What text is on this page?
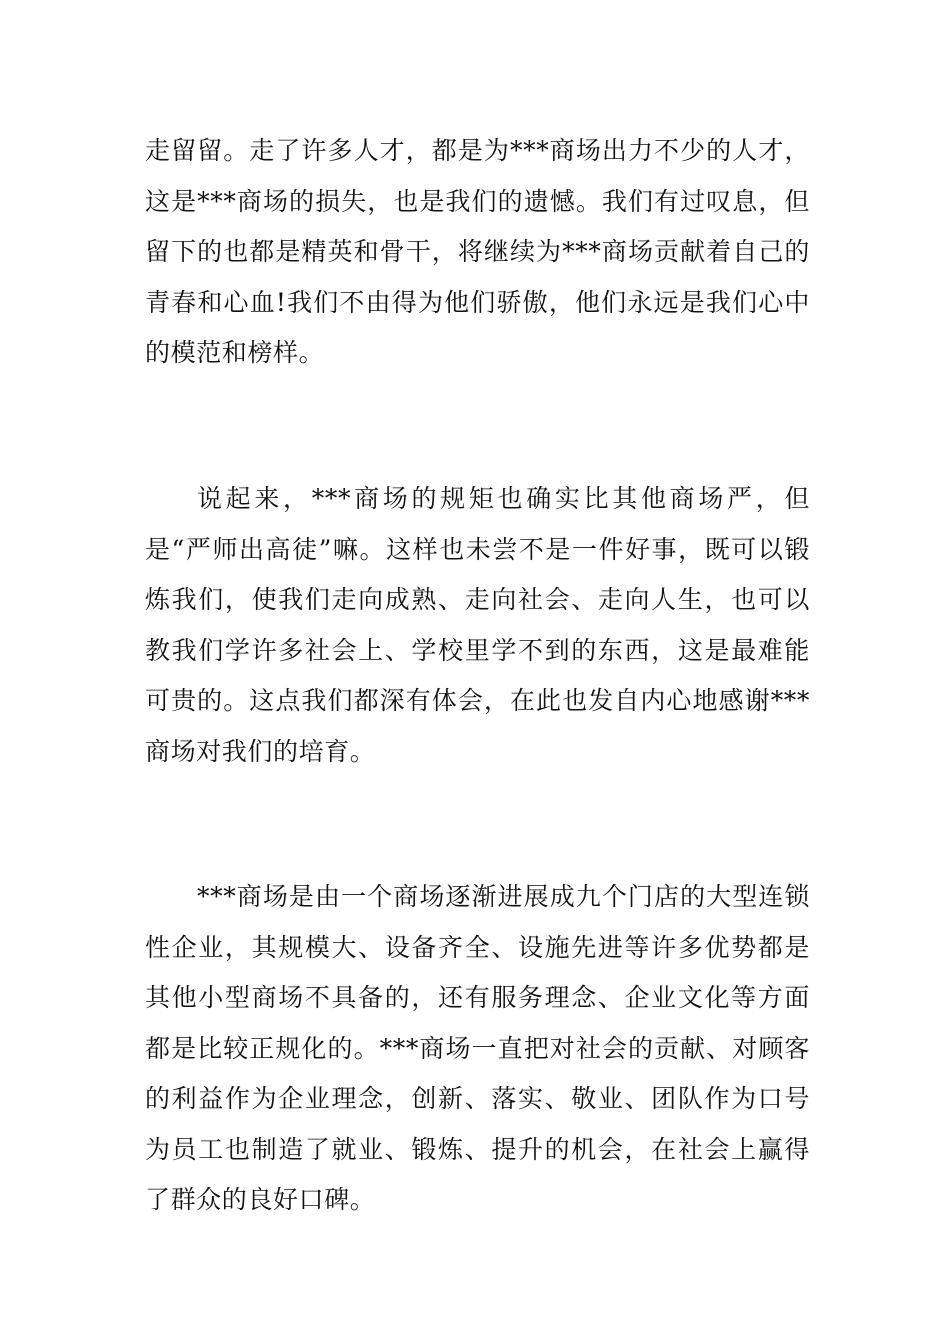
走留留。走了许多人才，都是为***商场出力不少的人才，这是***商场的损失，也是我们的遗憾。我们有过叹息，但留下的也都是精英和骨干，将继续为***商场贡献着自己的青春和心血!我们不由得为他们骄傲，他们永远是我们心中的模范和榜样。

说起来，***商场的规矩也确实比其他商场严，但是“严师出高徒”嘛。这样也未尝不是一件好事，既可以锻炼我们，使我们走向成熟、走向社会、走向人生，也可以教我们学许多社会上、学校里学不到的东西，这是最难能可贵的。这点我们都深有体会，在此也发自内心地感谢***商场对我们的培育。

***商场是由一个商场逐渐进展成九个门店的大型连锁性企业，其规模大、设备齐全、设施先进等许多优势都是其他小型商场不具备的，还有服务理念、企业文化等方面都是比较正规化的。***商场一直把对社会的贡献、对顾客的利益作为企业理念，创新、落实、敬业、团队作为口号为员工也制造了就业、锻炼、提升的机会，在社会上赢得了群众的良好口碑。
